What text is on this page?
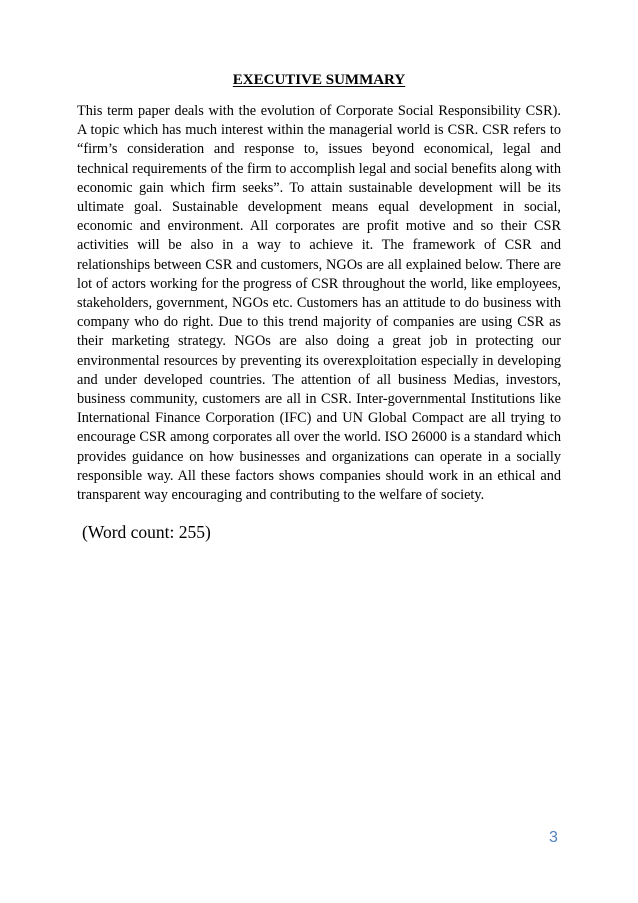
EXECUTIVE SUMMARY

This term paper deals with the evolution of Corporate Social Responsibility CSR). A topic which has much interest within the managerial world is CSR. CSR refers to “firm’s consideration and response to, issues beyond economical, legal and technical requirements of the firm to accomplish legal and social benefits along with economic gain which firm seeks”. To attain sustainable development will be its ultimate goal. Sustainable development means equal development in social, economic and environment. All corporates are profit motive and so their CSR activities will be also in a way to achieve it. The framework of CSR and relationships between CSR and customers, NGOs are all explained below. There are lot of actors working for the progress of CSR throughout the world, like employees, stakeholders, government, NGOs etc. Customers has an attitude to do business with company who do right. Due to this trend majority of companies are using CSR as their marketing strategy. NGOs are also doing a great job in protecting our environmental resources by preventing its overexploitation especially in developing and under developed countries. The attention of all business Medias, investors, business community, customers are all in CSR. Inter-governmental Institutions like International Finance Corporation (IFC) and UN Global Compact are all trying to encourage CSR among corporates all over the world. ISO 26000 is a standard which provides guidance on how businesses and organizations can operate in a socially responsible way. All these factors shows companies should work in an ethical and transparent way encouraging and contributing to the welfare of society.

(Word count: 255)

3
